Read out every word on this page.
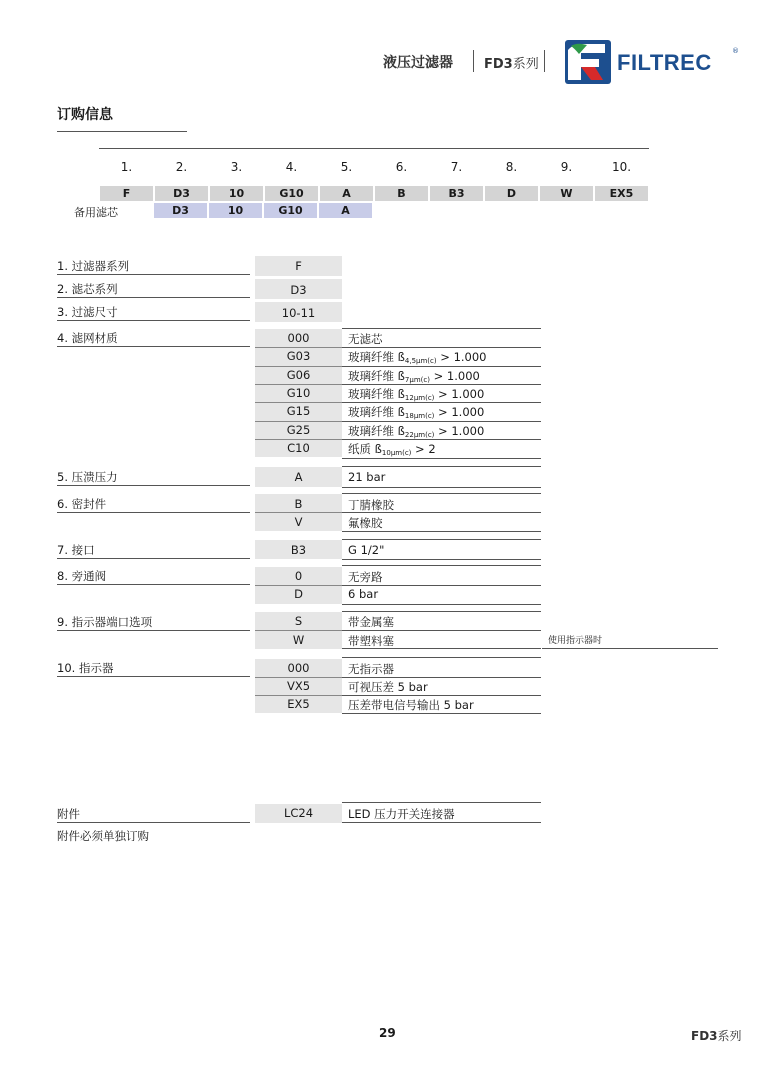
液压过滤器 FD3系列	FILTREC	®
订购信息
1.	2.	3.	4.	5.	6.	7.	8.	9.	10.
F	D3	10	G10	A	B	B3	D	W	EX5
备用滤芯	D3	10	G10	A
1. 过滤器系列	F
2. 滤芯系列	D3
3. 过滤尺寸	10-11
4. 滤网材质	000	无滤芯
G03	玻璃纤维 $ß_{4,5\mu m(c)} > 1.000$
G06	玻璃纤维 $ß_{7\mu m(c)} > 1.000$
G10	玻璃纤维 $ß_{12\mu m(c)} > 1.000$
G15	玻璃纤维 $ß_{18\mu m(c)} > 1.000$
G25	玻璃纤维 $ß_{22\mu m(c)} > 1.000$
C10	纸质 $ß_{10\mu m(c)} > 2$
5. 压溃压力	A	21 bar
6. 密封件	B	丁腈橡胶
V	氟橡胶
7. 接口	B3	G 1/2"
8. 旁通阀	0	无旁路
D	6 bar
9. 指示器端口选项	S	带金属塞
W	带塑料塞	使用指示器时
10. 指示器	000	无指示器
VX5	可视压差 5 bar
EX5	压差带电信号输出 5 bar
附件	LC24	LED 压力开关连接器
附件必须单独订购
29	FD3系列
